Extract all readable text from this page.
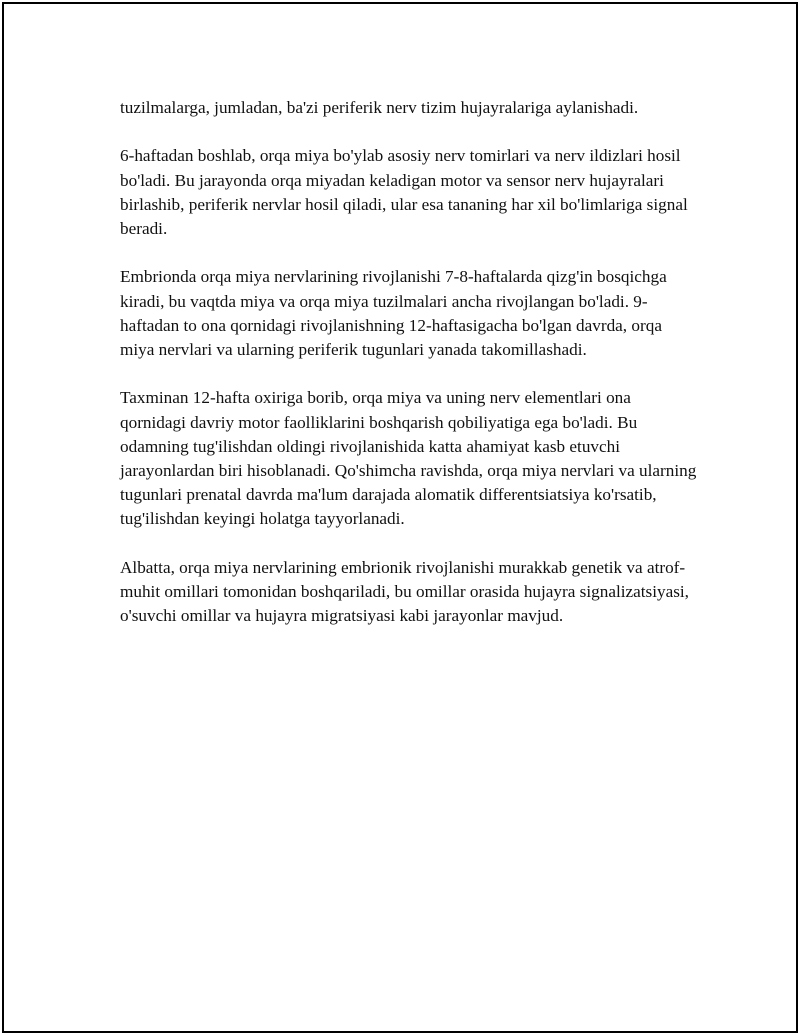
tuzilmalarga, jumladan, ba'zi periferik nerv tizim hujayralariga aylanishadi.

6-haftadan boshlab, orqa miya bo'ylab asosiy nerv tomirlari va nerv ildizlari hosil bo'ladi. Bu jarayonda orqa miyadan keladigan motor va sensor nerv hujayralari birlashib, periferik nervlar hosil qiladi, ular esa tananing har xil bo'limlariga signal beradi.

Embrionda orqa miya nervlarining rivojlanishi 7-8-haftalarda qizg'in bosqichga kiradi, bu vaqtda miya va orqa miya tuzilmalari ancha rivojlangan bo'ladi. 9-haftadan to ona qornidagi rivojlanishning 12-haftasigacha bo'lgan davrda, orqa miya nervlari va ularning periferik tugunlari yanada takomillashadi.

Taxminan 12-hafta oxiriga borib, orqa miya va uning nerv elementlari ona qornidagi davriy motor faolliklarini boshqarish qobiliyatiga ega bo'ladi. Bu odamning tug'ilishdan oldingi rivojlanishida katta ahamiyat kasb etuvchi jarayonlardan biri hisoblanadi. Qo'shimcha ravishda, orqa miya nervlari va ularning tugunlari prenatal davrda ma'lum darajada alomatik differentsiatsiya ko'rsatib, tug'ilishdan keyingi holatga tayyorlanadi.

Albatta, orqa miya nervlarining embrionik rivojlanishi murakkab genetik va atrof-muhit omillari tomonidan boshqariladi, bu omillar orasida hujayra signalizatsiyasi, o'suvchi omillar va hujayra migratsiyasi kabi jarayonlar mavjud.
